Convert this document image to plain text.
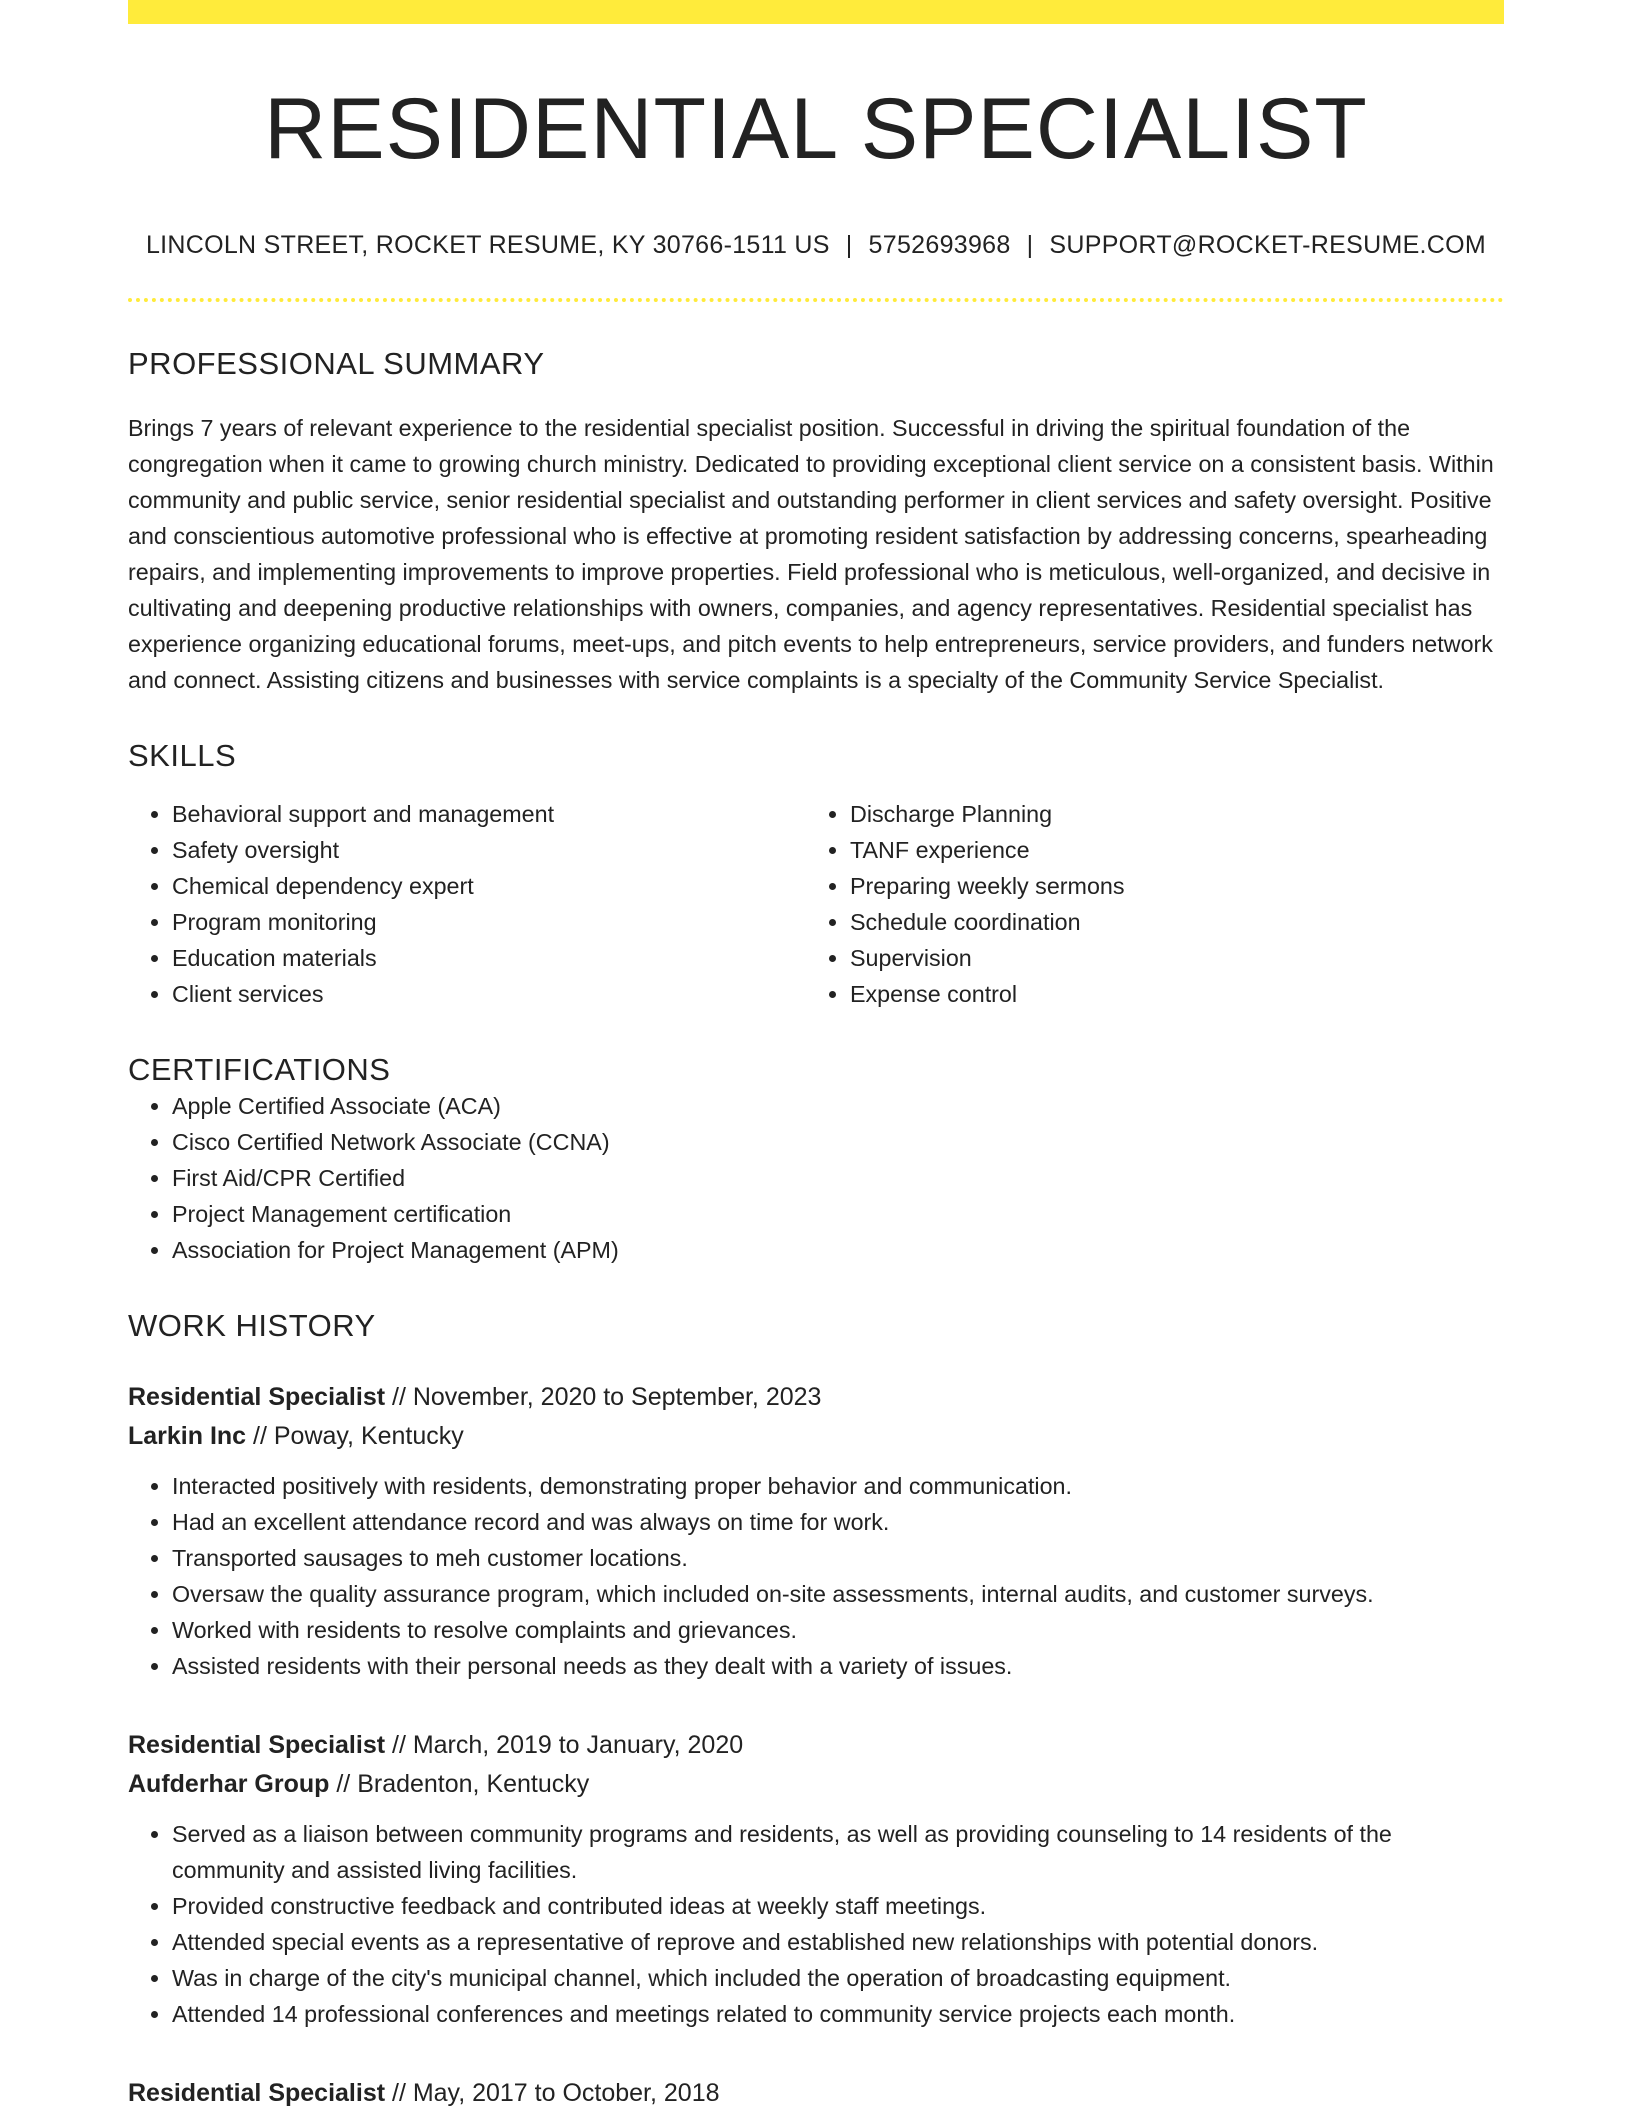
RESIDENTIAL SPECIALIST
LINCOLN STREET, ROCKET RESUME, KY 30766-1511 US | 5752693968 | SUPPORT@ROCKET-RESUME.COM
PROFESSIONAL SUMMARY
Brings 7 years of relevant experience to the residential specialist position. Successful in driving the spiritual foundation of the congregation when it came to growing church ministry. Dedicated to providing exceptional client service on a consistent basis. Within community and public service, senior residential specialist and outstanding performer in client services and safety oversight. Positive and conscientious automotive professional who is effective at promoting resident satisfaction by addressing concerns, spearheading repairs, and implementing improvements to improve properties. Field professional who is meticulous, well-organized, and decisive in cultivating and deepening productive relationships with owners, companies, and agency representatives. Residential specialist has experience organizing educational forums, meet-ups, and pitch events to help entrepreneurs, service providers, and funders network and connect. Assisting citizens and businesses with service complaints is a specialty of the Community Service Specialist.
SKILLS
• Behavioral support and management
• Safety oversight
• Chemical dependency expert
• Program monitoring
• Education materials
• Client services
• Discharge Planning
• TANF experience
• Preparing weekly sermons
• Schedule coordination
• Supervision
• Expense control
CERTIFICATIONS
• Apple Certified Associate (ACA)
• Cisco Certified Network Associate (CCNA)
• First Aid/CPR Certified
• Project Management certification
• Association for Project Management (APM)
WORK HISTORY
Residential Specialist // November, 2020 to September, 2023
Larkin Inc // Poway, Kentucky
• Interacted positively with residents, demonstrating proper behavior and communication.
• Had an excellent attendance record and was always on time for work.
• Transported sausages to meh customer locations.
• Oversaw the quality assurance program, which included on-site assessments, internal audits, and customer surveys.
• Worked with residents to resolve complaints and grievances.
• Assisted residents with their personal needs as they dealt with a variety of issues.
Residential Specialist // March, 2019 to January, 2020
Aufderhar Group // Bradenton, Kentucky
• Served as a liaison between community programs and residents, as well as providing counseling to 14 residents of the community and assisted living facilities.
• Provided constructive feedback and contributed ideas at weekly staff meetings.
• Attended special events as a representative of reprove and established new relationships with potential donors.
• Was in charge of the city's municipal channel, which included the operation of broadcasting equipment.
• Attended 14 professional conferences and meetings related to community service projects each month.
Residential Specialist // May, 2017 to October, 2018
